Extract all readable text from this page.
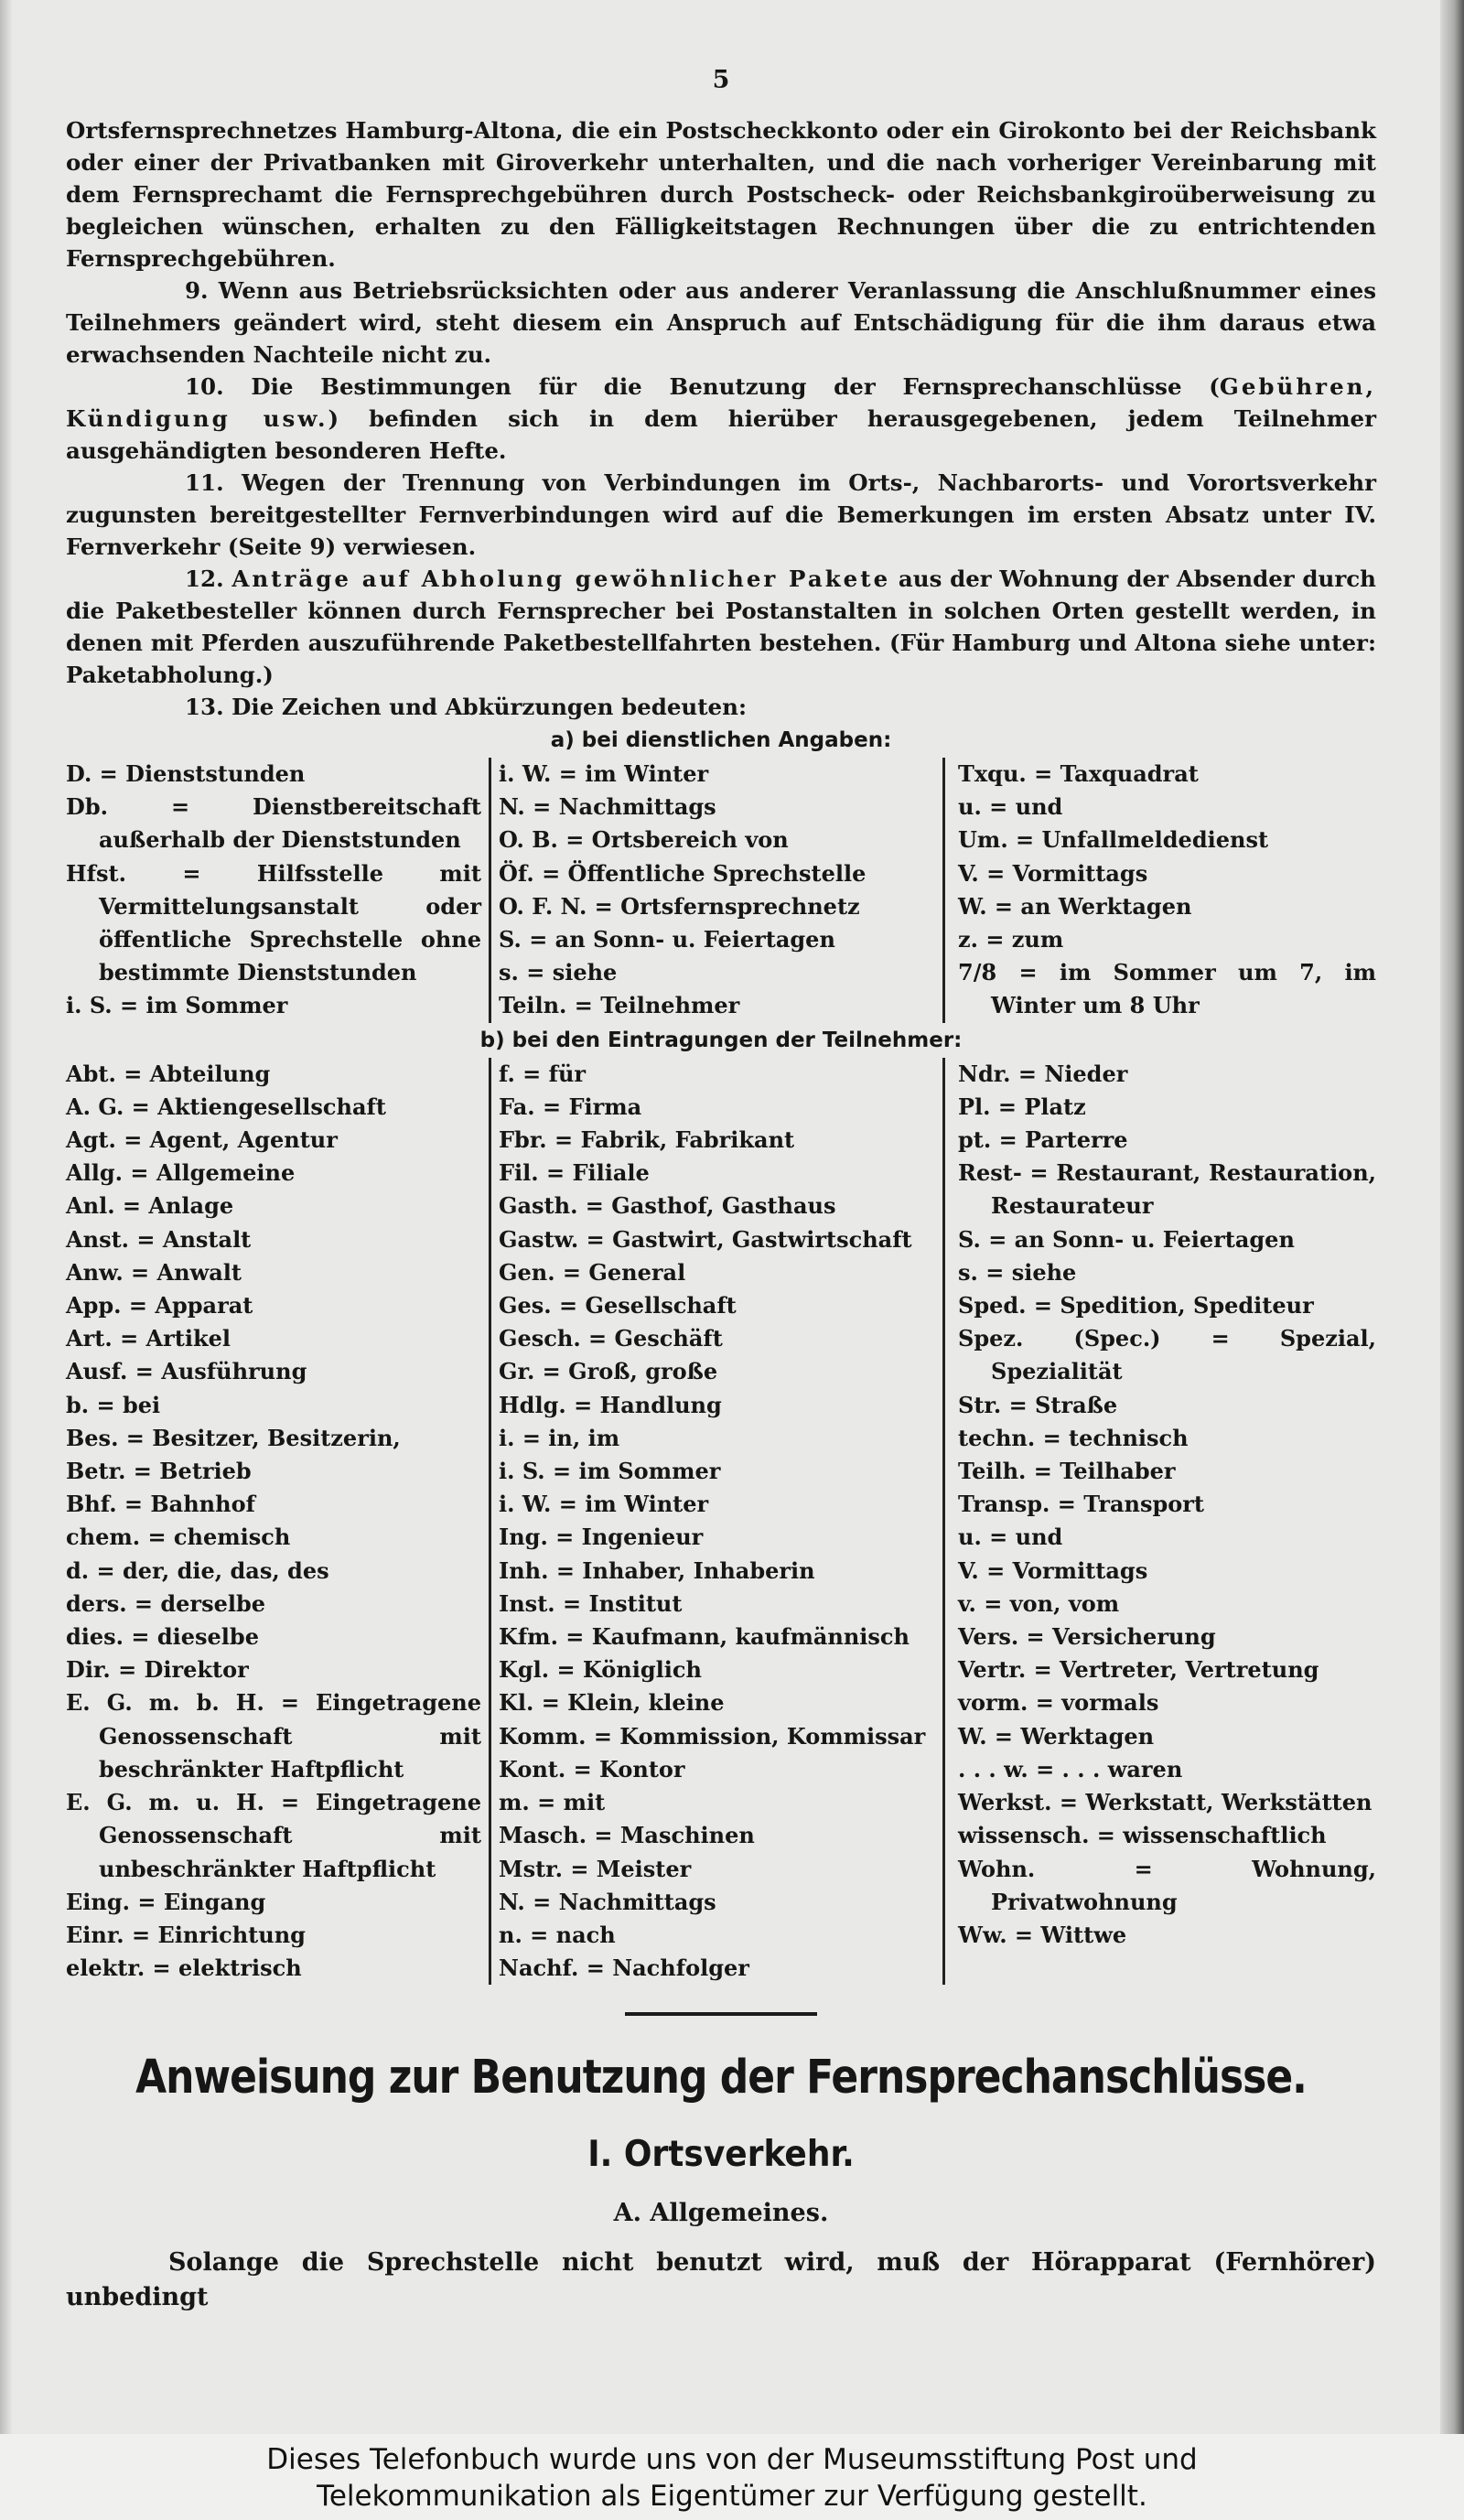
5

Ortsfernsprechnetzes Hamburg-Altona, die ein Postscheckkonto oder ein Girokonto bei der Reichsbank oder einer der Privatbanken mit Giroverkehr unterhalten, und die nach vorheriger Vereinbarung mit dem Fernsprechamt die Fernsprechgebühren durch Postscheck- oder Reichsbankgiroüberweisung zu begleichen wünschen, erhalten zu den Fälligkeitstagen Rechnungen über die zu entrichtenden Fernsprechgebühren.

9. Wenn aus Betriebsrücksichten oder aus anderer Veranlassung die Anschlußnummer eines Teilnehmers geändert wird, steht diesem ein Anspruch auf Entschädigung für die ihm daraus etwa erwachsenden Nachteile nicht zu.

10. Die Bestimmungen für die Benutzung der Fernsprechanschlüsse (Gebühren, Kündigung usw.) befinden sich in dem hierüber herausgegebenen, jedem Teilnehmer ausgehändigten besonderen Hefte.

11. Wegen der Trennung von Verbindungen im Orts-, Nachbarorts- und Vorortsverkehr zugunsten bereitgestellter Fernverbindungen wird auf die Bemerkungen im ersten Absatz unter IV. Fernverkehr (Seite 9) verwiesen.

12. Anträge auf Abholung gewöhnlicher Pakete aus der Wohnung der Absender durch die Paketbesteller können durch Fernsprecher bei Postanstalten in solchen Orten gestellt werden, in denen mit Pferden auszuführende Paketbestellfahrten bestehen. (Für Hamburg und Altona siehe unter: Paketabholung.)

13. Die Zeichen und Abkürzungen bedeuten:

a) bei dienstlichen Angaben:
D. = Dienststunden
Db. = Dienstbereitschaft außerhalb der Dienststunden
Hfst. = Hilfsstelle mit Vermittelungsanstalt oder öffentliche Sprechstelle ohne bestimmte Dienststunden
i. S. = im Sommer
i. W. = im Winter
N. = Nachmittags
O. B. = Ortsbereich von
Öf. = Öffentliche Sprechstelle
O. F. N. = Ortsfernsprechnetz
S. = an Sonn- u. Feiertagen
s. = siehe
Teiln. = Teilnehmer
Txqu. = Taxquadrat
u. = und
Um. = Unfallmeldedienst
V. = Vormittags
W. = an Werktagen
z. = zum
7/8 = im Sommer um 7, im Winter um 8 Uhr
b) bei den Eintragungen der Teilnehmer:
Abt. = Abteilung
A. G. = Aktiengesellschaft
Agt. = Agent, Agentur
Allg. = Allgemeine
Anl. = Anlage
Anst. = Anstalt
Anw. = Anwalt
App. = Apparat
Art. = Artikel
Ausf. = Ausführung
b. = bei
Bes. = Besitzer, Besitzerin,
Betr. = Betrieb
Bhf. = Bahnhof
chem. = chemisch
d. = der, die, das, des
ders. = derselbe
dies. = dieselbe
Dir. = Direktor
E. G. m. b. H. = Eingetragene Genossenschaft mit beschränkter Haftpflicht
E. G. m. u. H. = Eingetragene Genossenschaft mit unbeschränkter Haftpflicht
Eing. = Eingang
Einr. = Einrichtung
elektr. = elektrisch
f. = für
Fa. = Firma
Fbr. = Fabrik, Fabrikant
Fil. = Filiale
Gasth. = Gasthof, Gasthaus
Gastw. = Gastwirt, Gastwirtschaft
Gen. = General
Ges. = Gesellschaft
Gesch. = Geschäft
Gr. = Groß, große
Hdlg. = Handlung
i. = in, im
i. S. = im Sommer
i. W. = im Winter
Ing. = Ingenieur
Inh. = Inhaber, Inhaberin
Inst. = Institut
Kfm. = Kaufmann, kaufmännisch
Kgl. = Königlich
Kl. = Klein, kleine
Komm. = Kommission, Kommissar
Kont. = Kontor
m. = mit
Masch. = Maschinen
Mstr. = Meister
N. = Nachmittags
n. = nach
Nachf. = Nachfolger
Ndr. = Nieder
Pl. = Platz
pt. = Parterre
Rest- = Restaurant, Restauration, Restaurateur
S. = an Sonn- u. Feiertagen
s. = siehe
Sped. = Spedition, Spediteur
Spez. (Spec.) = Spezial, Spezialität
Str. = Straße
techn. = technisch
Teilh. = Teilhaber
Transp. = Transport
u. = und
V. = Vormittags
v. = von, vom
Vers. = Versicherung
Vertr. = Vertreter, Vertretung
vorm. = vormals
W. = Werktagen
. . . w. = . . . waren
Werkst. = Werkstatt, Werkstätten
wissensch. = wissenschaftlich
Wohn. = Wohnung, Privatwohnung
Ww. = Wittwe
Anweisung zur Benutzung der Fernsprechanschlüsse.
I. Ortsverkehr.
A. Allgemeines.

Solange die Sprechstelle nicht benutzt wird, muß der Hörapparat (Fernhörer) unbedingt

Dieses Telefonbuch wurde uns von der Museumsstiftung Post und
Telekommunikation als Eigentümer zur Verfügung gestellt.
